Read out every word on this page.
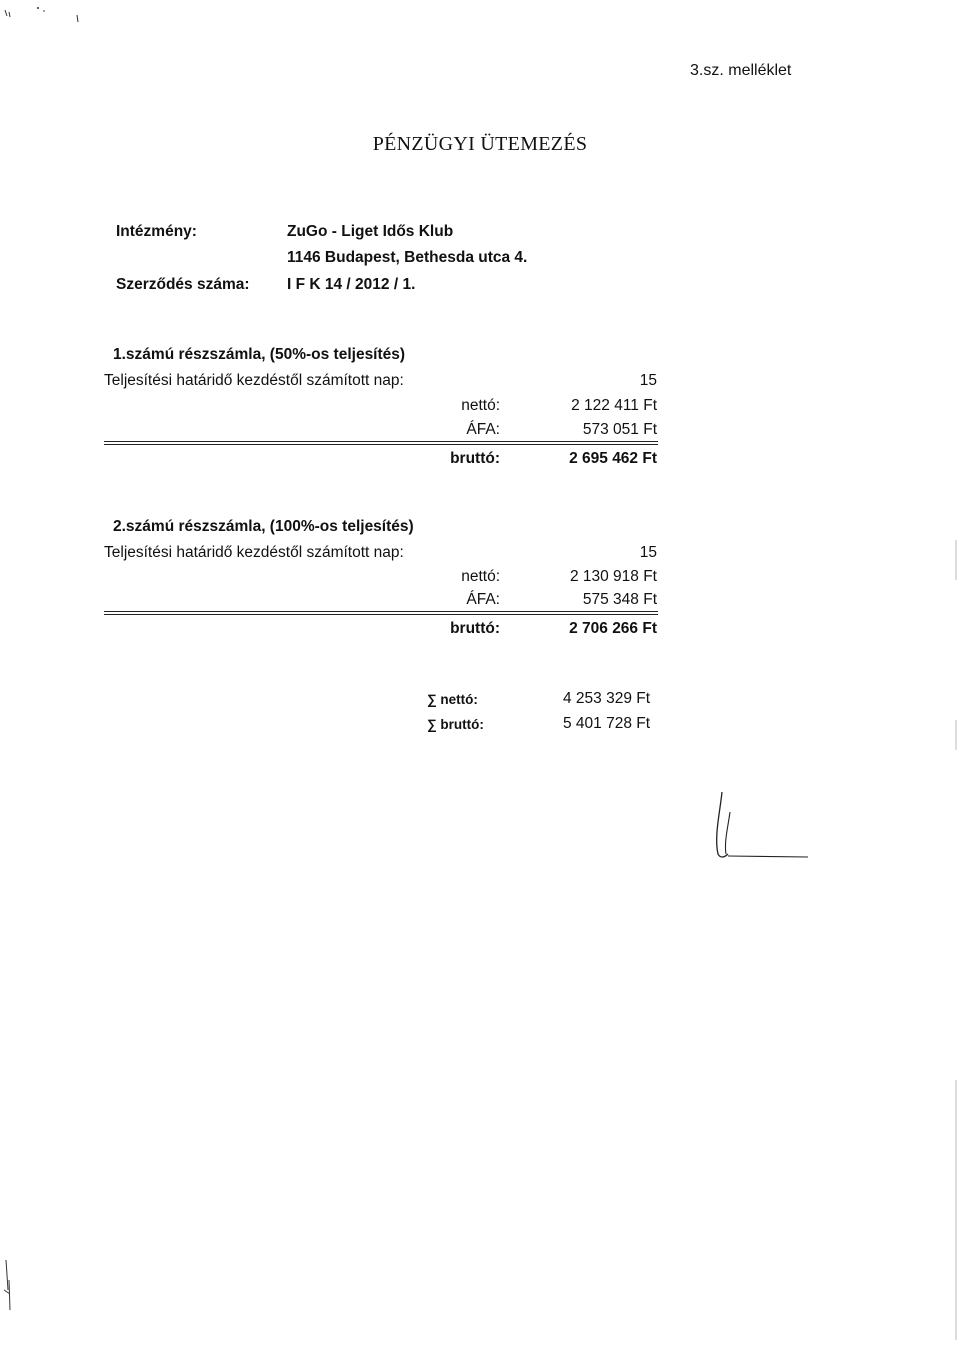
3.sz. melléklet
PÉNZÜGYI ÜTEMEZÉS
Intézmény:	ZuGo - Liget Idős Klub
1146 Budapest, Bethesda utca 4.
Szerződés száma: I F K 14 / 2012 / 1.
1.számú részszámla, (50%-os teljesítés)
Teljesítési határidő kezdéstől számított nap:	15
nettó:	2 122 411 Ft
ÁFA:	573 051 Ft
bruttó:	2 695 462 Ft
2.számú részszámla, (100%-os teljesítés)
Teljesítési határidő kezdéstől számított nap:	15
nettó:	2 130 918 Ft
ÁFA:	575 348 Ft
bruttó:	2 706 266 Ft
∑ nettó:	4 253 329 Ft
∑ bruttó:	5 401 728 Ft
